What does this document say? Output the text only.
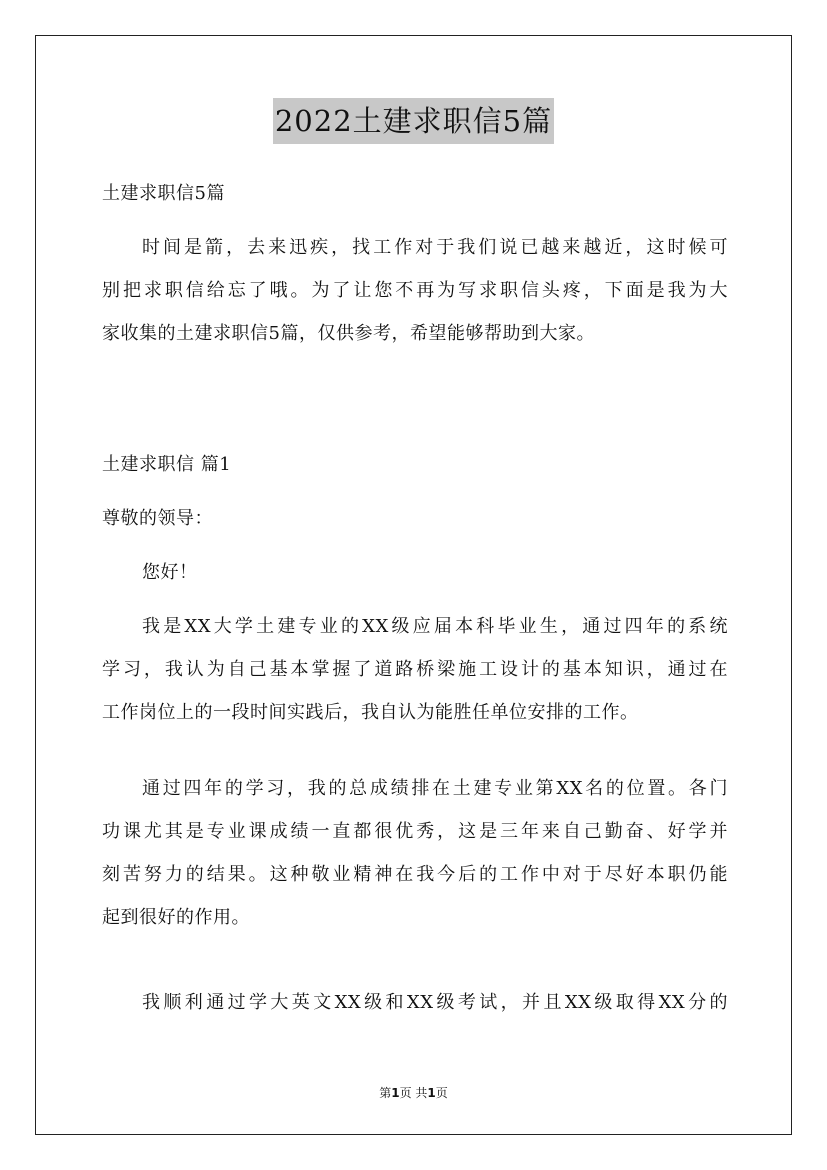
2022土建求职信5篇
土建求职信5篇
时间是箭，去来迅疾，找工作对于我们说已越来越近，这时候可
别把求职信给忘了哦。为了让您不再为写求职信头疼，下面是我为大
家收集的土建求职信5篇，仅供参考，希望能够帮助到大家。
土建求职信 篇1
尊敬的领导：
您好！
我是XX大学土建专业的XX级应届本科毕业生，通过四年的系统
学习，我认为自己基本掌握了道路桥梁施工设计的基本知识，通过在
工作岗位上的一段时间实践后，我自认为能胜任单位安排的工作。
通过四年的学习，我的总成绩排在土建专业第XX名的位置。各门
功课尤其是专业课成绩一直都很优秀，这是三年来自己勤奋、好学并
刻苦努力的结果。这种敬业精神在我今后的工作中对于尽好本职仍能
起到很好的作用。
我顺利通过学大英文XX级和XX级考试，并且XX级取得XX分的
第1页 共1页
